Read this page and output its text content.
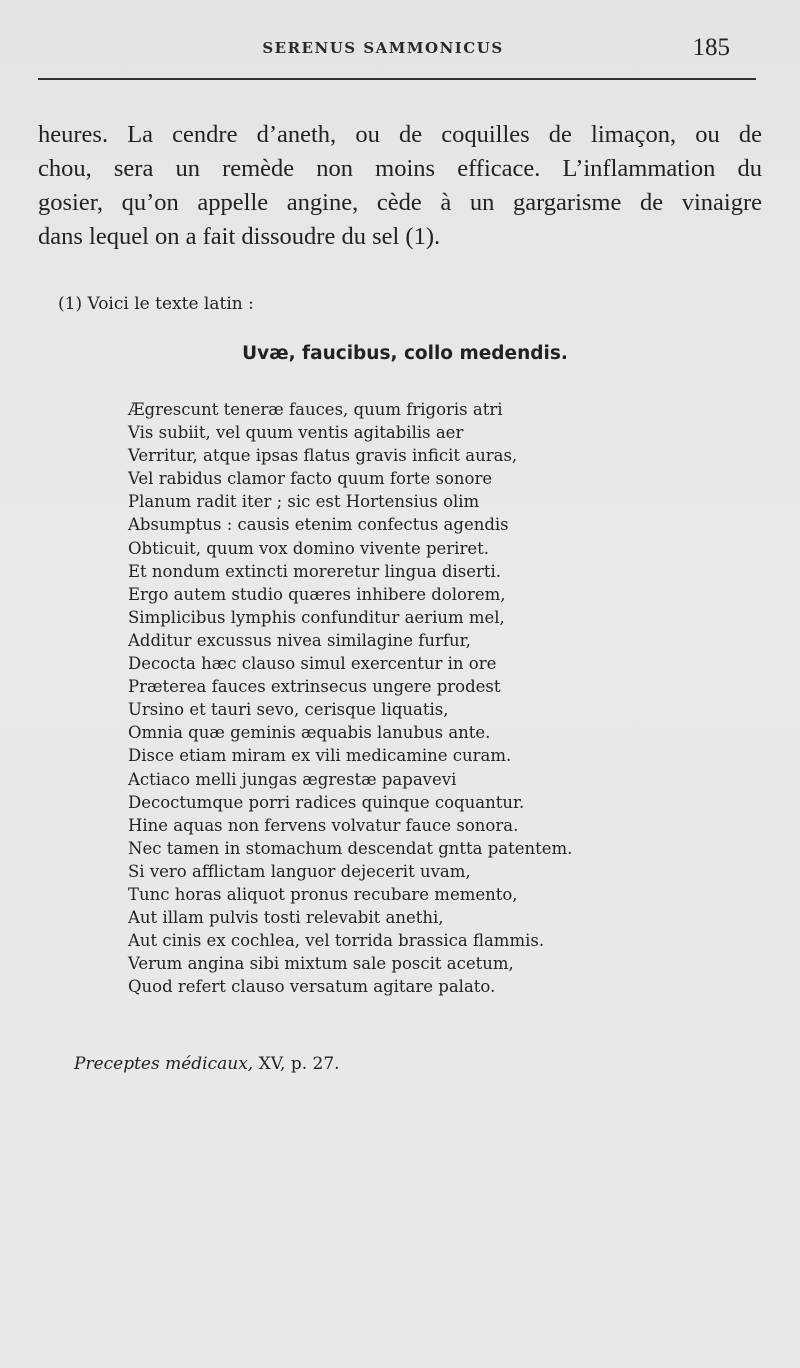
SERENUS SAMMONICUS	185
heures. La cendre d’aneth, ou de coquilles de limaçon, ou de
chou, sera un remède non moins efficace. L’inflammation du
gosier, qu’on appelle angine, cède à un gargarisme de vinaigre
dans lequel on a fait dissoudre du sel (1).
(1) Voici le texte latin :
Uvæ, faucibus, collo medendis.
Ægrescunt teneræ fauces, quum frigoris atri
Vis subiit, vel quum ventis agitabilis aer
Verritur, atque ipsas flatus gravis inficit auras,
Vel rabidus clamor facto quum forte sonore
Planum radit iter ; sic est Hortensius olim
Absumptus : causis etenim confectus agendis
Obticuit, quum vox domino vivente periret.
Et nondum extincti moreretur lingua diserti.
Ergo autem studio quæres inhibere dolorem,
Simplicibus lymphis confunditur aerium mel,
Additur excussus nivea similagine furfur,
Decocta hæc clauso simul exercentur in ore
Præterea fauces extrinsecus ungere prodest
Ursino et tauri sevo, cerisque liquatis,
Omnia quæ geminis æquabis lanubus ante.
Disce etiam miram ex vili medicamine curam.
Actiaco melli jungas ægrestæ papavevi
Decoctumque porri radices quinque coquantur.
Hine aquas non fervens volvatur fauce sonora.
Nec tamen in stomachum descendat gntta patentem.
Si vero afflictam languor dejecerit uvam,
Tunc horas aliquot pronus recubare memento,
Aut illam pulvis tosti relevabit anethi,
Aut cinis ex cochlea, vel torrida brassica flammis.
Verum angina sibi mixtum sale poscit acetum,
Quod refert clauso versatum agitare palato.
Preceptes médicaux, XV, p. 27.
